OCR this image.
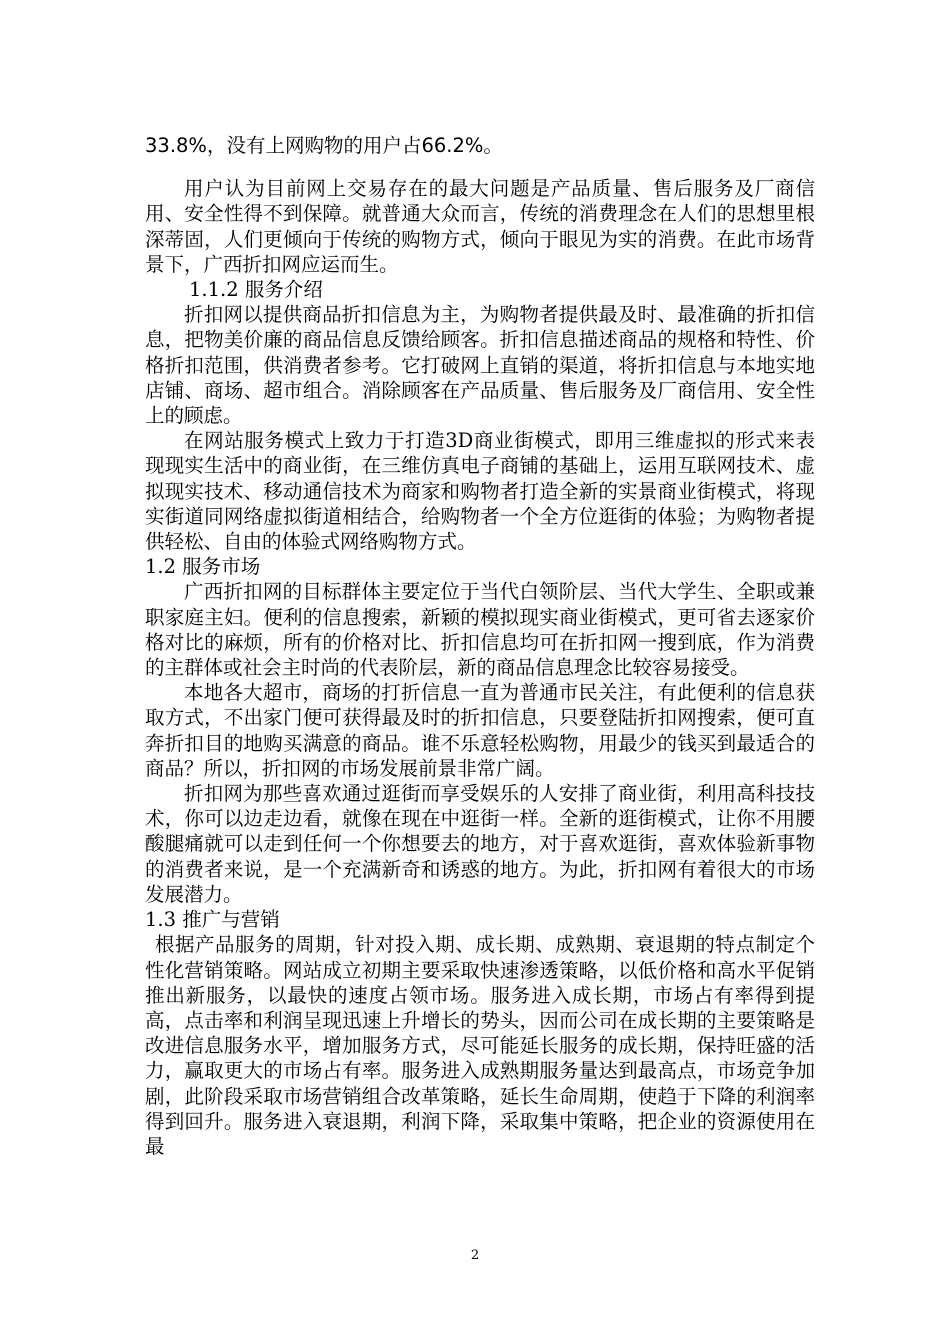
33.8%，没有上网购物的用户占66.2%。

用户认为目前网上交易存在的最大问题是产品质量、售后服务及厂商信用、安全性得不到保障。就普通大众而言，传统的消费理念在人们的思想里根深蒂固，人们更倾向于传统的购物方式，倾向于眼见为实的消费。在此市场背景下，广西折扣网应运而生。

1.1.2 服务介绍

折扣网以提供商品折扣信息为主，为购物者提供最及时、最准确的折扣信息，把物美价廉的商品信息反馈给顾客。折扣信息描述商品的规格和特性、价格折扣范围，供消费者参考。它打破网上直销的渠道，将折扣信息与本地实地店铺、商场、超市组合。消除顾客在产品质量、售后服务及厂商信用、安全性上的顾虑。

在网站服务模式上致力于打造3D商业街模式，即用三维虚拟的形式来表现现实生活中的商业街，在三维仿真电子商铺的基础上，运用互联网技术、虚拟现实技术、移动通信技术为商家和购物者打造全新的实景商业街模式，将现实街道同网络虚拟街道相结合，给购物者一个全方位逛街的体验；为购物者提供轻松、自由的体验式网络购物方式。

1.2 服务市场

广西折扣网的目标群体主要定位于当代白领阶层、当代大学生、全职或兼职家庭主妇。便利的信息搜索，新颖的模拟现实商业街模式，更可省去逐家价格对比的麻烦，所有的价格对比、折扣信息均可在折扣网一搜到底，作为消费的主群体或社会主时尚的代表阶层，新的商品信息理念比较容易接受。

本地各大超市，商场的打折信息一直为普通市民关注，有此便利的信息获取方式，不出家门便可获得最及时的折扣信息，只要登陆折扣网搜索，便可直奔折扣目的地购买满意的商品。谁不乐意轻松购物，用最少的钱买到最适合的商品？所以，折扣网的市场发展前景非常广阔。

折扣网为那些喜欢通过逛街而享受娱乐的人安排了商业街，利用高科技技术，你可以边走边看，就像在现在中逛街一样。全新的逛街模式，让你不用腰酸腿痛就可以走到任何一个你想要去的地方，对于喜欢逛街，喜欢体验新事物的消费者来说，是一个充满新奇和诱惑的地方。为此，折扣网有着很大的市场发展潜力。

1.3 推广与营销

根据产品服务的周期，针对投入期、成长期、成熟期、衰退期的特点制定个性化营销策略。网站成立初期主要采取快速渗透策略，以低价格和高水平促销推出新服务，以最快的速度占领市场。服务进入成长期，市场占有率得到提高，点击率和利润呈现迅速上升增长的势头，因而公司在成长期的主要策略是改进信息服务水平，增加服务方式，尽可能延长服务的成长期，保持旺盛的活力，赢取更大的市场占有率。服务进入成熟期服务量达到最高点，市场竞争加剧，此阶段采取市场营销组合改革策略，延长生命周期，使趋于下降的利润率得到回升。服务进入衰退期，利润下降，采取集中策略，把企业的资源使用在最

2
